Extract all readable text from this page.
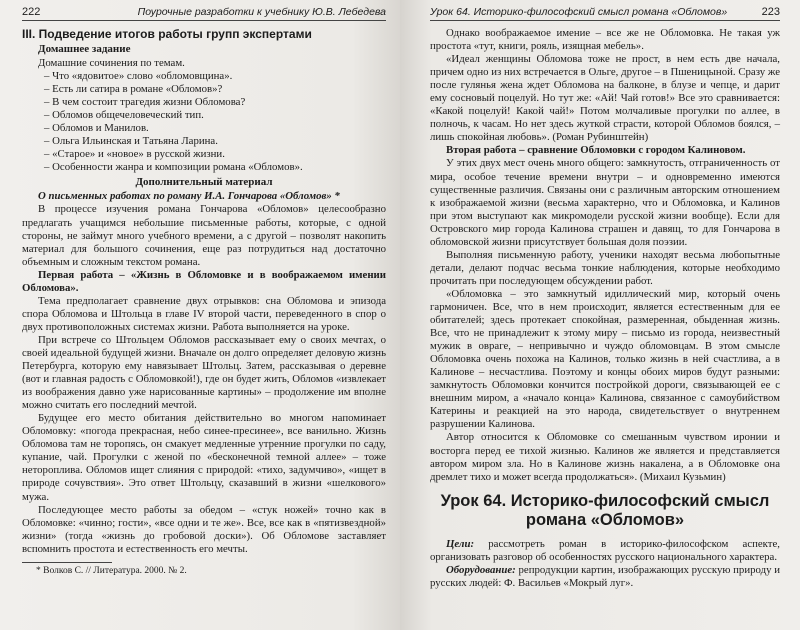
222	Поурочные разработки к учебнику Ю.В. Лебедева
III. Подведение итогов работы групп экспертами
Домашнее задание

Домашние сочинения по темам.

– Что «ядовитое» слово «обломовщина».
– Есть ли сатира в романе «Обломов»?
– В чем состоит трагедия жизни Обломова?
– Обломов общечеловеческий тип.
– Обломов и Манилов.
– Ольга Ильинская и Татьяна Ларина.
– «Старое» и «новое» в русской жизни.
– Особенности жанра и композиции романа «Обломов».
Дополнительный материал

О письменных работах по роману И.А. Гончарова «Обломов» *

В процессе изучения романа Гончарова «Обломов» целесообразно предлагать учащимся небольшие письменные работы, которые, с одной стороны, не займут много учебного времени, а с другой – позволят накопить материал для большого сочинения, еще раз потрудиться над достаточно объемным и сложным текстом романа.

Первая работа – «Жизнь в Обломовке и в воображаемом имении Обломова».

Тема предполагает сравнение двух отрывков: сна Обломова и эпизода спора Обломова и Штольца в главе IV второй части, переведенного в спор о двух противоположных системах жизни. Работа выполняется на уроке.

При встрече со Штольцем Обломов рассказывает ему о своих мечтах, о своей идеальной будущей жизни. Вначале он долго определяет деловую жизнь Петербурга, которую ему навязывает Штольц. Затем, рассказывая о деревне (вот и главная радость с Обломовкой!), где он будет жить, Обломов «извлекает из воображения давно уже нарисованные картины» – продолжение им вполне можно считать его последний мечтой.

Будущее его место обитания действительно во многом напоминает Обломовку: «погода прекрасная, небо синее-пресинее», все ванильно. Жизнь Обломова там не торопясь, он смакует медленные утренние прогулки по саду, купание, чай. Прогулки с женой по «бесконечной темной аллее» – тоже нетороплива. Обломов ищет слияния с природой: «тихо, задумчиво», «ищет в природе сочувствия». Это ответ Штольцу, сказавший в жизни «шелкового» мужа.

Последующее место работы за обедом – «стук ножей» точно как в Обломовке: «чинно; гости», «все одни и те же». Все, все как в «пятизвездной» жизни» (тогда «жизнь до гробовой доски»). Об Обломове заставляет вспомнить простота и естественность его мечты.

* Волков С. // Литература. 2000. № 2.
Урок 64. Историко-философский смысл романа «Обломов»	223

Однако воображаемое имение – все же не Обломовка. Не такая уж простота «тут, книги, рояль, изящная мебель».

«Идеал женщины Обломова тоже не прост, в нем есть две начала, причем одно из них встречается в Ольге, другое – в Пшеницыной. Сразу же после гулянья жена ждет Обломова на балконе, в блузе и чепце, и дарит ему сосновый поцелуй. Но тут же: «Ай! Чай готов!» Все это сравнивается: «Какой поцелуй! Какой чай!» Потом молчаливые прогулки по аллее, в полночь, к часам. Но нет здесь жуткой страсти, которой Обломов боялся, – лишь спокойная любовь». (Роман Рубинштейн)

Вторая работа – сравнение Обломовки с городом Калиновом.

У этих двух мест очень много общего: замкнутость, отграниченность от мира, особое течение времени внутри – и одновременно имеются существенные различия. Связаны они с различным авторским отношением к изображаемой жизни (весьма характерно, что и Обломовка, и Калинов при этом выступают как микромодели русской жизни вообще). Если для Островского мир города Калинова страшен и давящ, то для Гончарова в обломовской жизни присутствует большая доля поэзии.

Выполняя письменную работу, ученики находят весьма любопытные детали, делают подчас весьма тонкие наблюдения, которые необходимо прочитать при последующем обсуждении работ.

«Обломовка – это замкнутый идиллический мир, который очень гармоничен. Все, что в нем происходит, является естественным для ее обитателей; здесь протекает спокойная, размеренная, обыденная жизнь. Все, что не принадлежит к этому миру – письмо из города, неизвестный мужик в овраге, – непривычно и чуждо обломовцам. В этом смысле Обломовка очень похожа на Калинов, только жизнь в ней счастлива, а в Калинове – несчастлива. Поэтому и концы обоих миров будут разными: замкнутость Обломовки кончится постройкой дороги, связывающей ее с внешним миром, а «начало конца» Калинова, связанное с самоубийством Катерины и реакцией на это народа, свидетельствует о внутреннем разрушении Калинова.

Автор относится к Обломовке со смешанным чувством иронии и восторга перед ее тихой жизнью. Калинов же является и представляется автором миром зла. Но в Калинове жизнь накалена, а в Обломовке она дремлет тихо и может всегда продолжаться». (Михаил Кузьмин)

Урок 64. Историко-философский смысл романа «Обломов»

Цели: рассмотреть роман в историко-философском аспекте, организовать разговор об особенностях русского национального характера.

Оборудование: репродукции картин, изображающих русскую природу и русских людей: Ф. Васильев «Мокрый луг».
